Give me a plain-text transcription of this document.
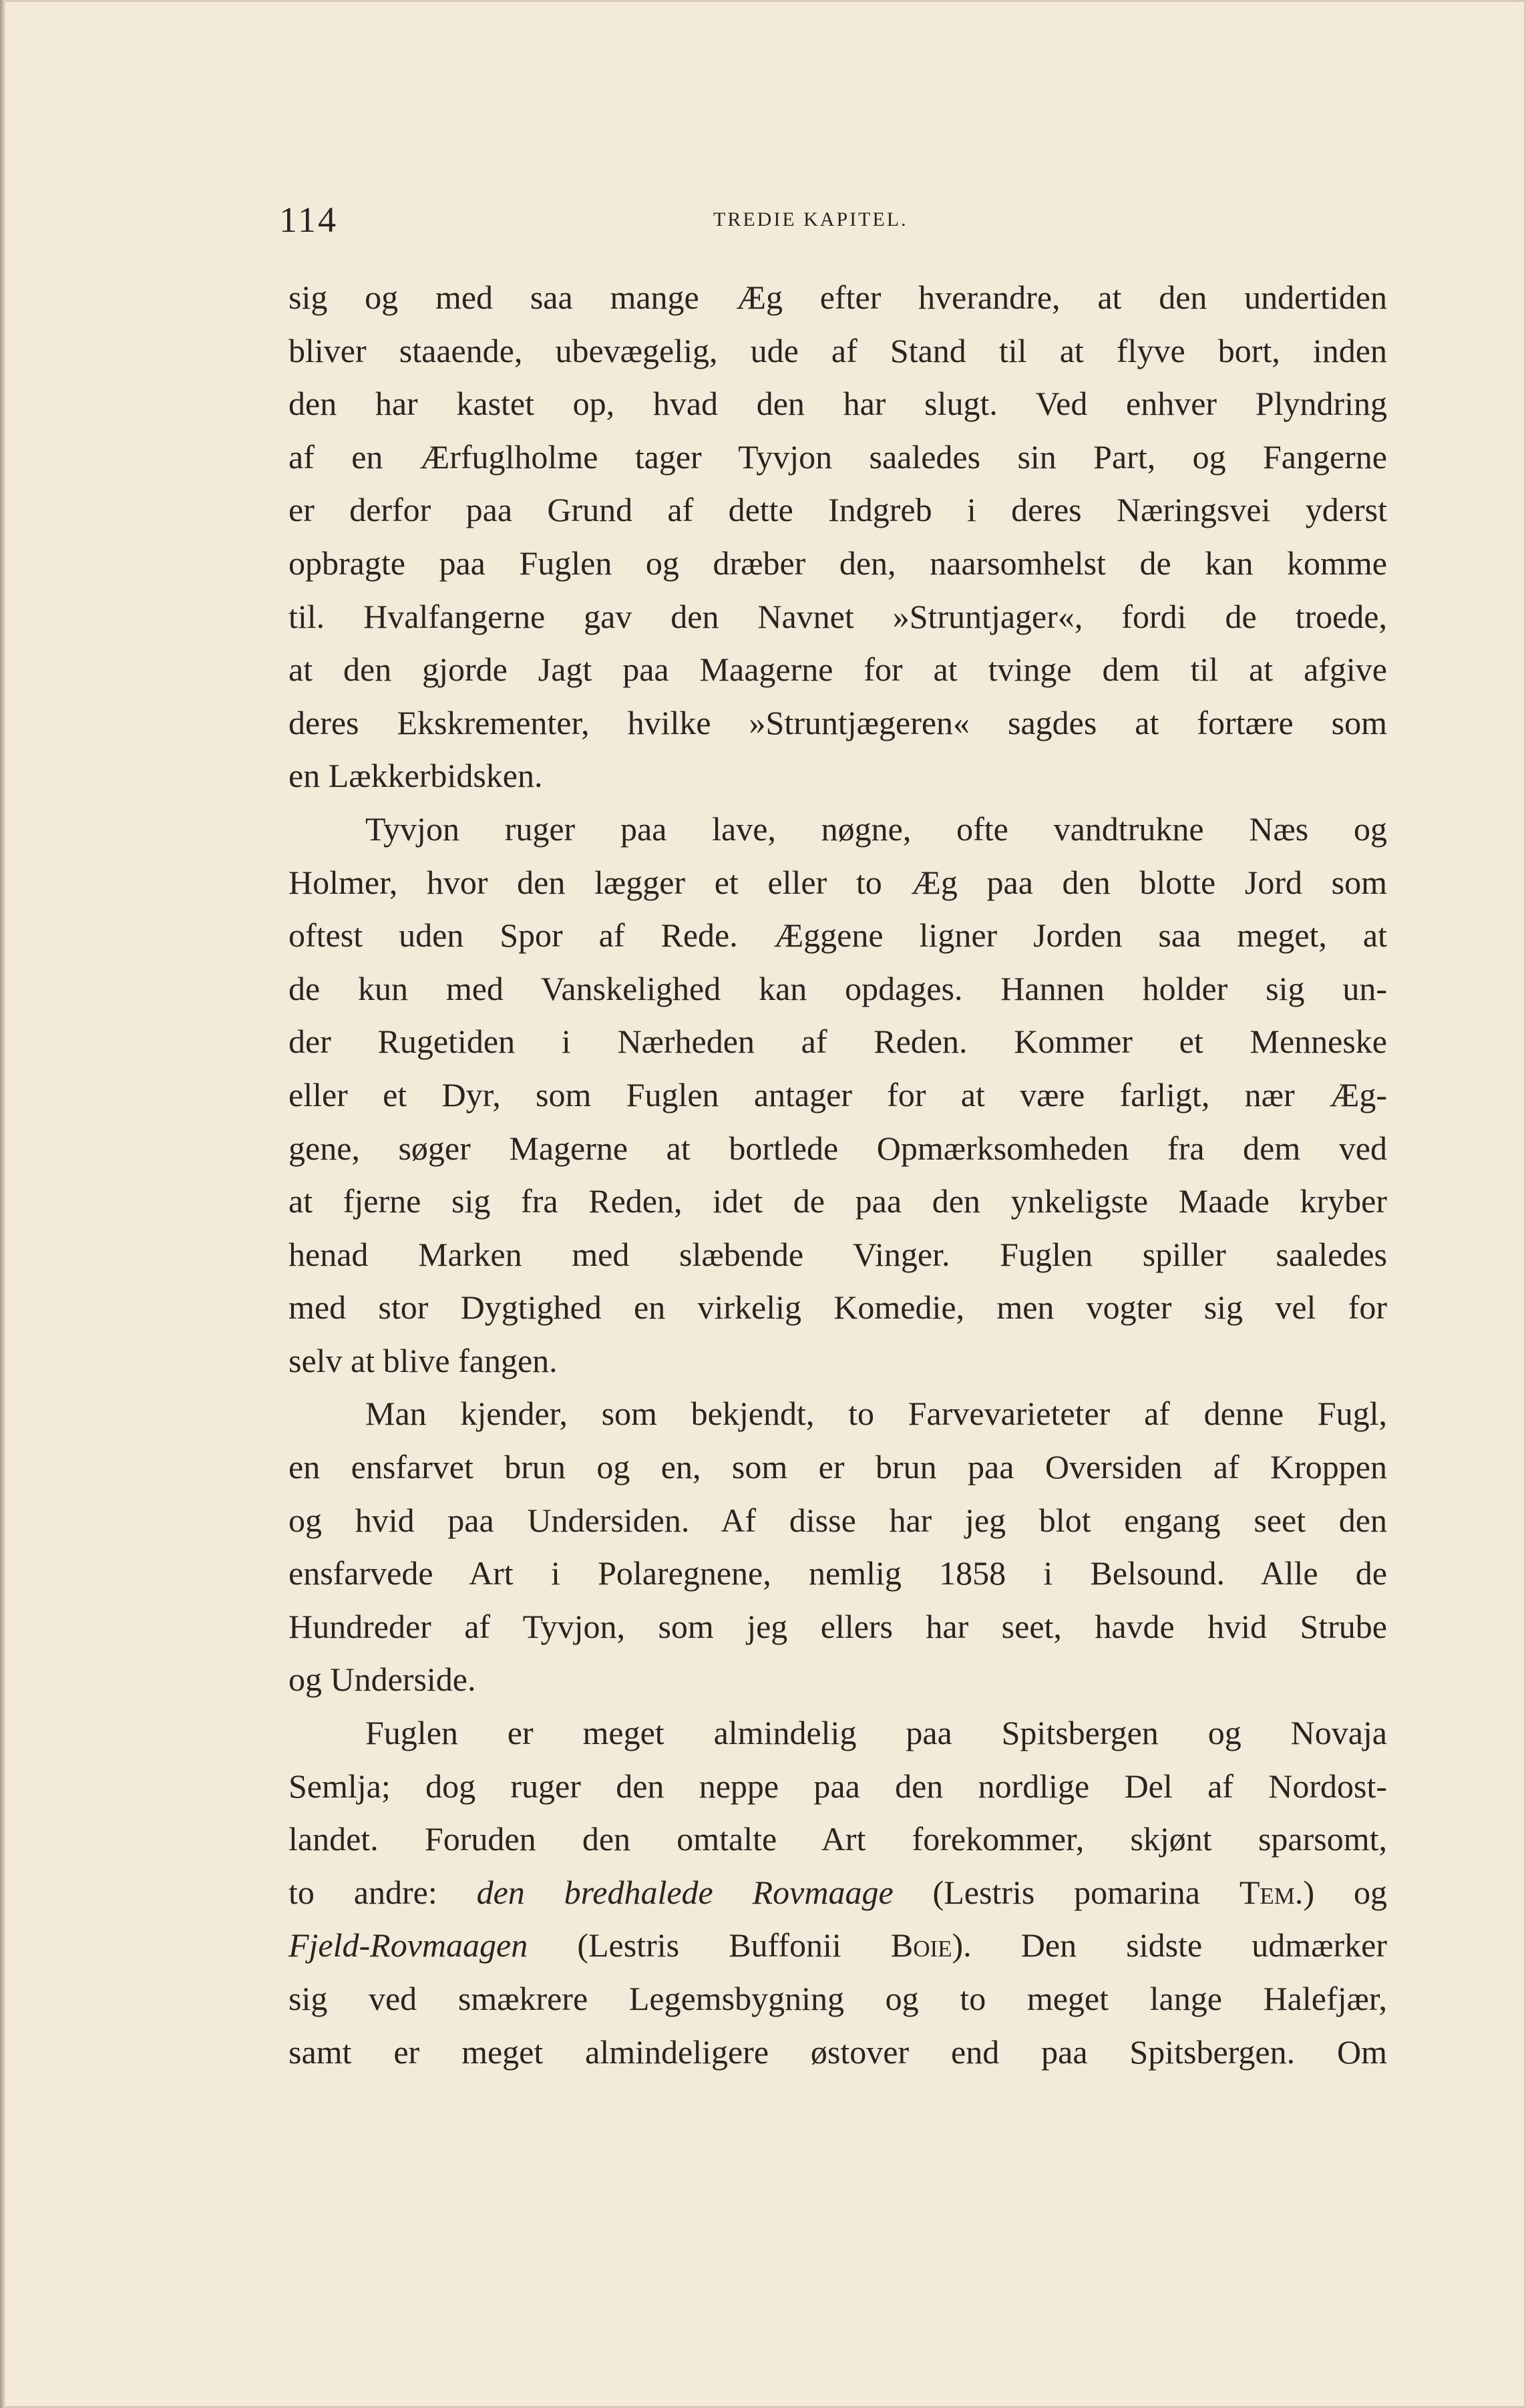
114	TREDIE KAPITEL.

sig og med saa mange Æg efter hverandre, at den undertiden
bliver staaende, ubevægelig, ude af Stand til at flyve bort, inden
den har kastet op, hvad den har slugt. Ved enhver Plyndring
af en Ærfuglholme tager Tyvjon saaledes sin Part, og Fangerne
er derfor paa Grund af dette Indgreb i deres Næringsvei yderst
opbragte paa Fuglen og dræber den, naarsomhelst de kan komme
til. Hvalfangerne gav den Navnet »Struntjager«, fordi de troede,
at den gjorde Jagt paa Maagerne for at tvinge dem til at afgive
deres Ekskrementer, hvilke »Struntjægeren« sagdes at fortære som
en Lækkerbidsken.

Tyvjon ruger paa lave, nøgne, ofte vandtrukne Næs og
Holmer, hvor den lægger et eller to Æg paa den blotte Jord som
oftest uden Spor af Rede. Æggene ligner Jorden saa meget, at
de kun med Vanskelighed kan opdages. Hannen holder sig un-
der Rugetiden i Nærheden af Reden. Kommer et Menneske
eller et Dyr, som Fuglen antager for at være farligt, nær Æg-
gene, søger Magerne at bortlede Opmærksomheden fra dem ved
at fjerne sig fra Reden, idet de paa den ynkeligste Maade kryber
henad Marken med slæbende Vinger. Fuglen spiller saaledes
med stor Dygtighed en virkelig Komedie, men vogter sig vel for
selv at blive fangen.

Man kjender, som bekjendt, to Farvevarieteter af denne Fugl,
en ensfarvet brun og en, som er brun paa Oversiden af Kroppen
og hvid paa Undersiden. Af disse har jeg blot engang seet den
ensfarvede Art i Polaregnene, nemlig 1858 i Belsound. Alle de
Hundreder af Tyvjon, som jeg ellers har seet, havde hvid Strube
og Underside.

Fuglen er meget almindelig paa Spitsbergen og Novaja
Semlja; dog ruger den neppe paa den nordlige Del af Nordost-
landet. Foruden den omtalte Art forekommer, skjønt sparsomt,
to andre: den bredhalede Rovmaage (Lestris pomarina Tem.) og
Fjeld-Rovmaagen (Lestris Buffonii Boie). Den sidste udmærker
sig ved smækrere Legemsbygning og to meget lange Halefjær,
samt er meget almindeligere østover end paa Spitsbergen. Om
